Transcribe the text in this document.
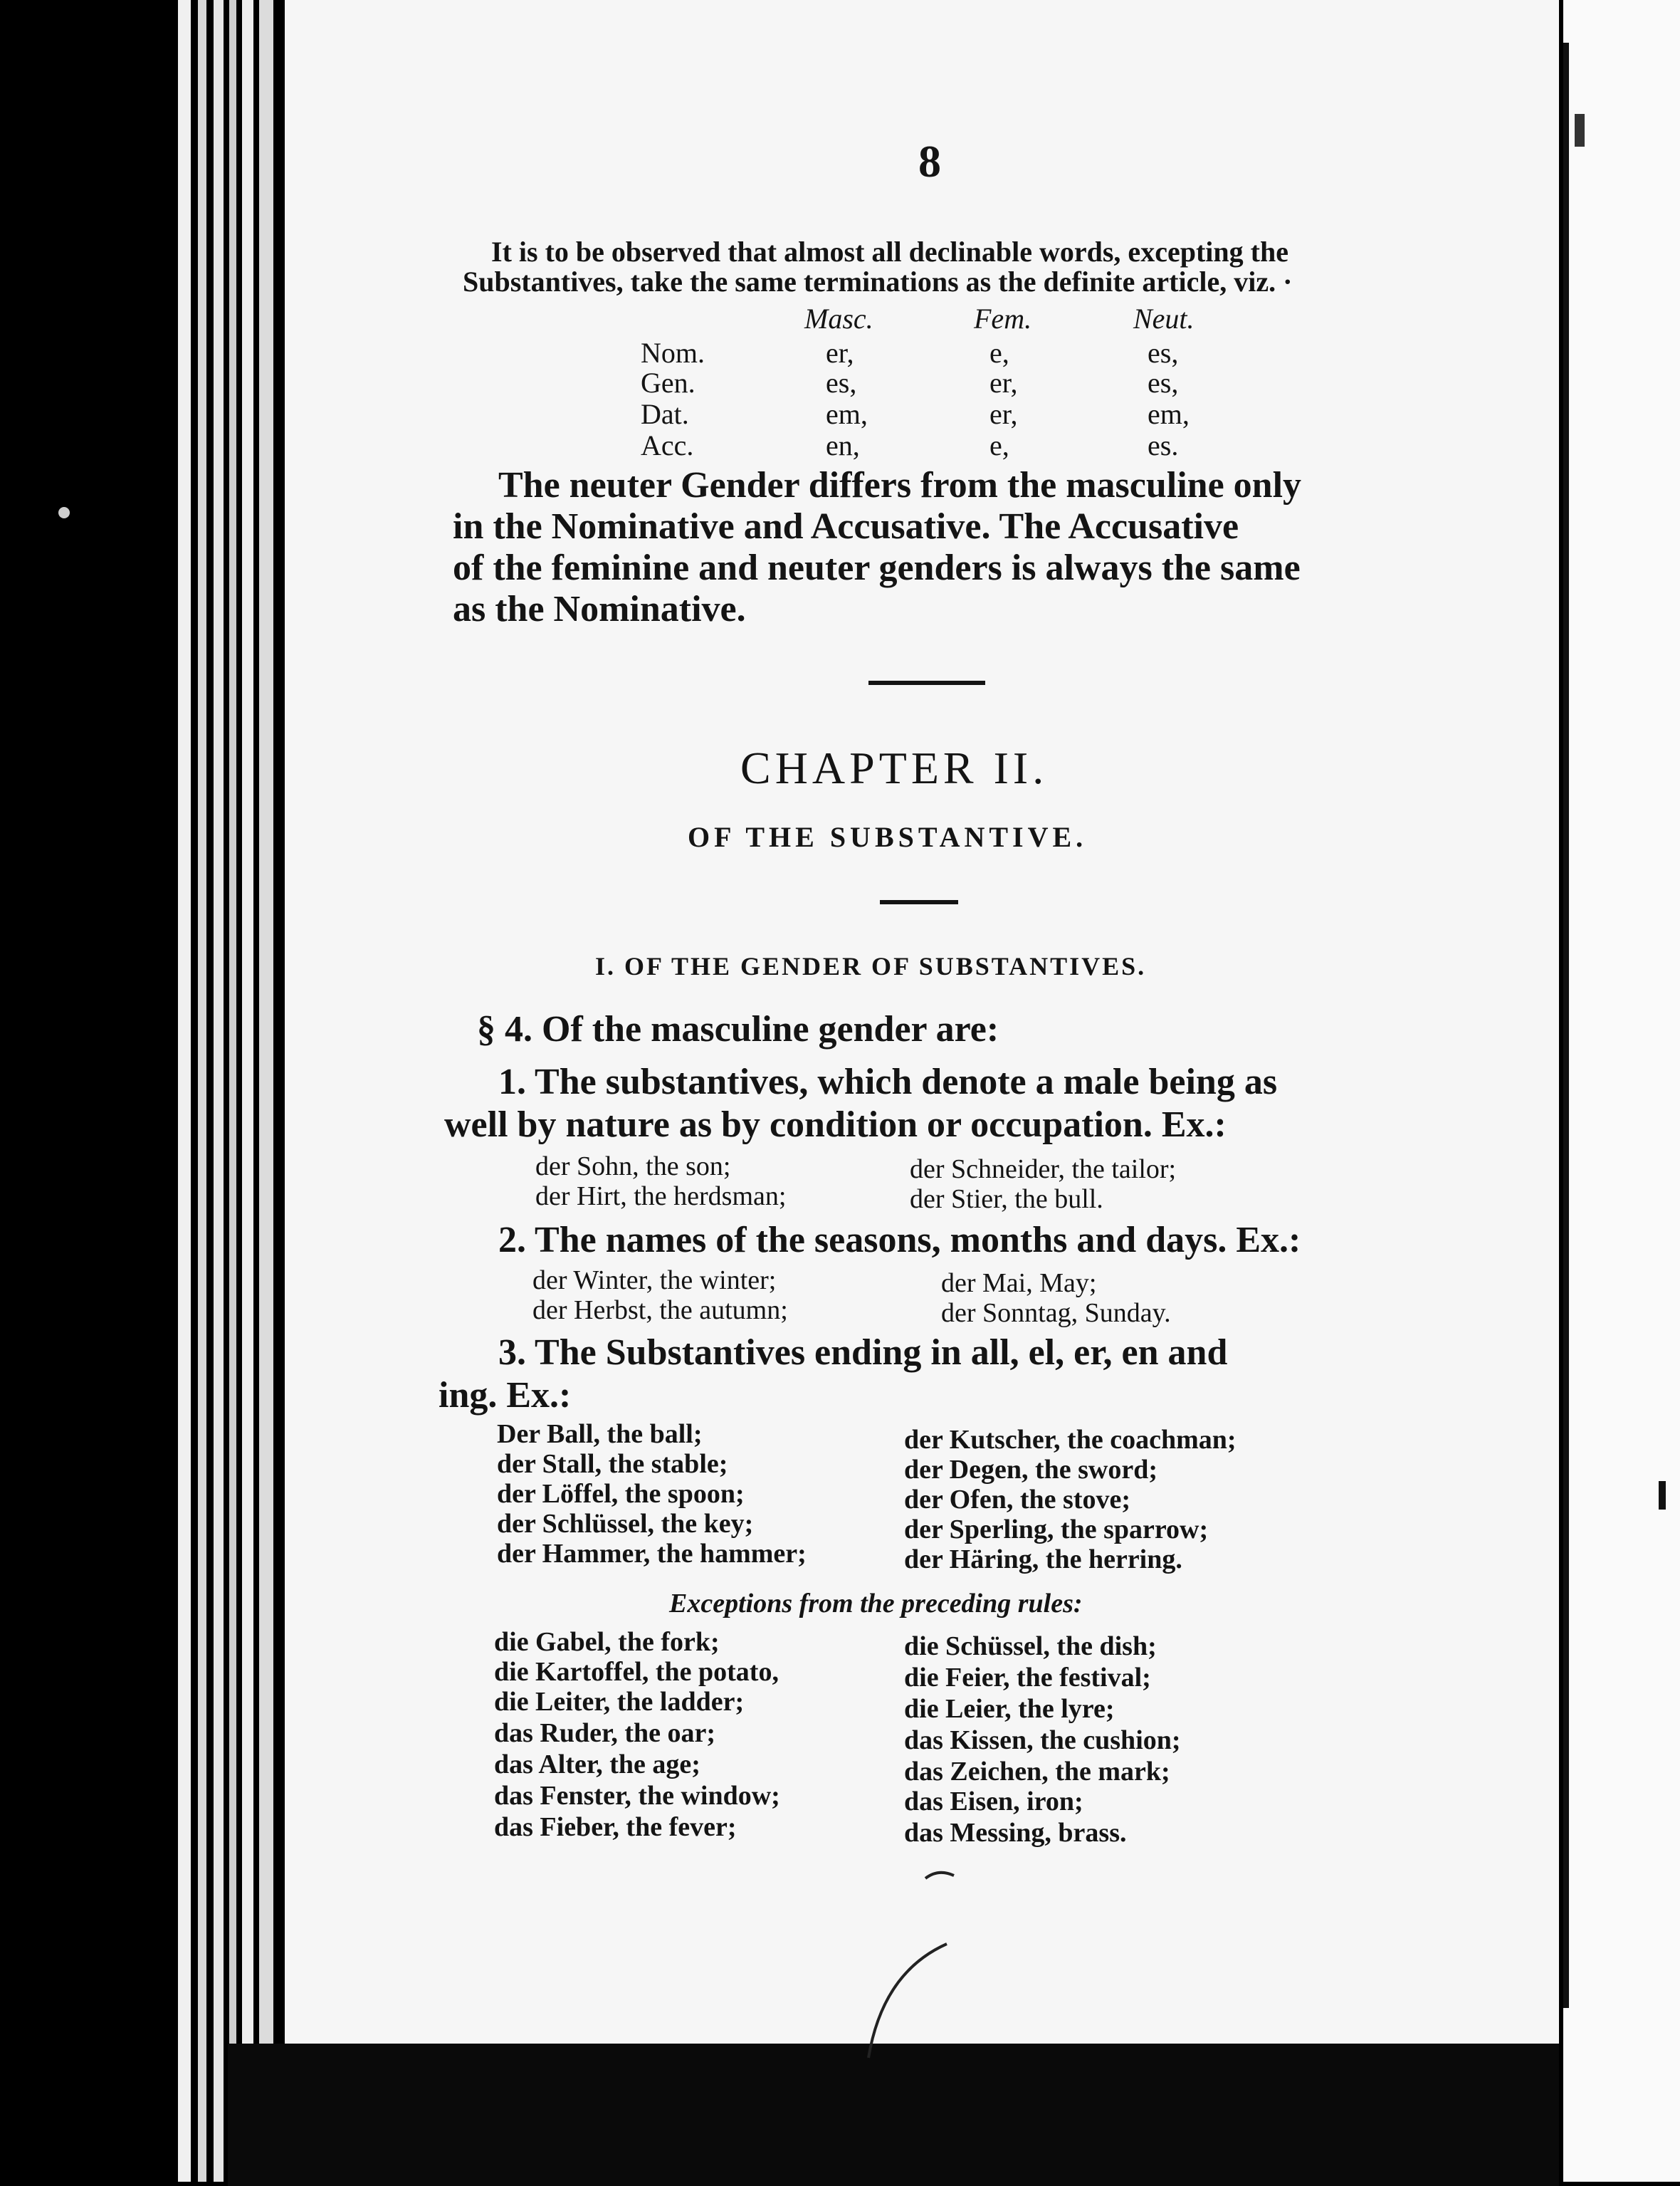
8
It is to be observed that almost all declinable words, excepting the
Substantives, take the same terminations as the definite article, viz. ·
Masc.	Fem.	Neut.
Nom.	er,	e,	es,
Gen.	es,	er,	es,
Dat.	em,	er,	em,
Acc.	en,	e,	es.
The neuter Gender differs from the masculine only
in the Nominative and Accusative. The Accusative
of the feminine and neuter genders is always the same
as the Nominative.
CHAPTER II.
OF THE SUBSTANTIVE.
I. OF THE GENDER OF SUBSTANTIVES.
§ 4. Of the masculine gender are:
1. The substantives, which denote a male being as
well by nature as by condition or occupation. Ex.:
der Sohn, the son;
der Hirt, the herdsman;
der Schneider, the tailor;
der Stier, the bull.
2. The names of the seasons, months and days. Ex.:
der Winter, the winter;
der Herbst, the autumn;
der Mai, May;
der Sonntag, Sunday.
3. The Substantives ending in all, el, er, en and
ing. Ex.:
Der Ball, the ball;
der Stall, the stable;
der Löffel, the spoon;
der Schlüssel, the key;
der Hammer, the hammer;
der Kutscher, the coachman;
der Degen, the sword;
der Ofen, the stove;
der Sperling, the sparrow;
der Häring, the herring.
Exceptions from the preceding rules:
die Gabel, the fork;
die Kartoffel, the potato,
die Leiter, the ladder;
das Ruder, the oar;
das Alter, the age;
das Fenster, the window;
das Fieber, the fever;
die Schüssel, the dish;
die Feier, the festival;
die Leier, the lyre;
das Kissen, the cushion;
das Zeichen, the mark;
das Eisen, iron;
das Messing, brass.
